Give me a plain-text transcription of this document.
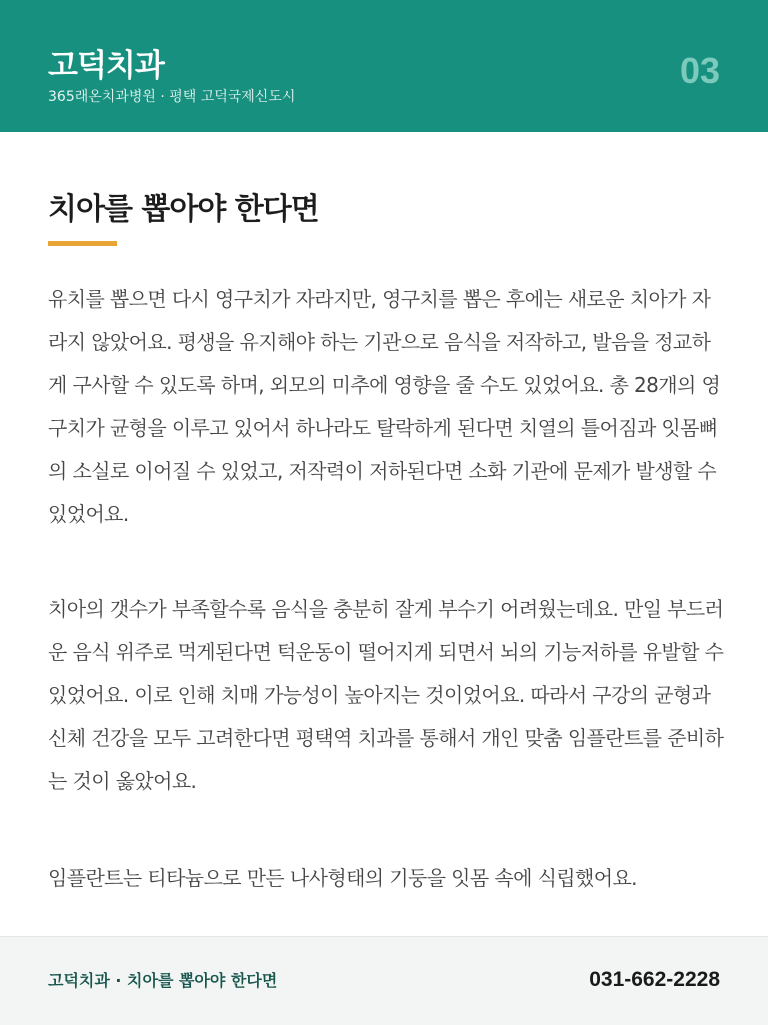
고덕치과
365래온치과병원 · 평택 고덕국제신도시
03
치아를 뽑아야 한다면

유치를 뽑으면 다시 영구치가 자라지만, 영구치를 뽑은 후에는 새로운 치아가 자라지 않았어요. 평생을 유지해야 하는 기관으로 음식을 저작하고, 발음을 정교하게 구사할 수 있도록 하며, 외모의 미추에 영향을 줄 수도 있었어요. 총 28개의 영구치가 균형을 이루고 있어서 하나라도 탈락하게 된다면 치열의 틀어짐과 잇몸뼈의 소실로 이어질 수 있었고, 저작력이 저하된다면 소화 기관에 문제가 발생할 수 있었어요.

치아의 갯수가 부족할수록 음식을 충분히 잘게 부수기 어려웠는데요. 만일 부드러운 음식 위주로 먹게된다면 턱운동이 떨어지게 되면서 뇌의 기능저하를 유발할 수 있었어요. 이로 인해 치매 가능성이 높아지는 것이었어요. 따라서 구강의 균형과 신체 건강을 모두 고려한다면 평택역 치과를 통해서 개인 맞춤 임플란트를 준비하는 것이 옳았어요.

임플란트는 티타늄으로 만든 나사형태의 기둥을 잇몸 속에 식립했어요.

고덕치과 · 치아를 뽑아야 한다면	031-662-2228
